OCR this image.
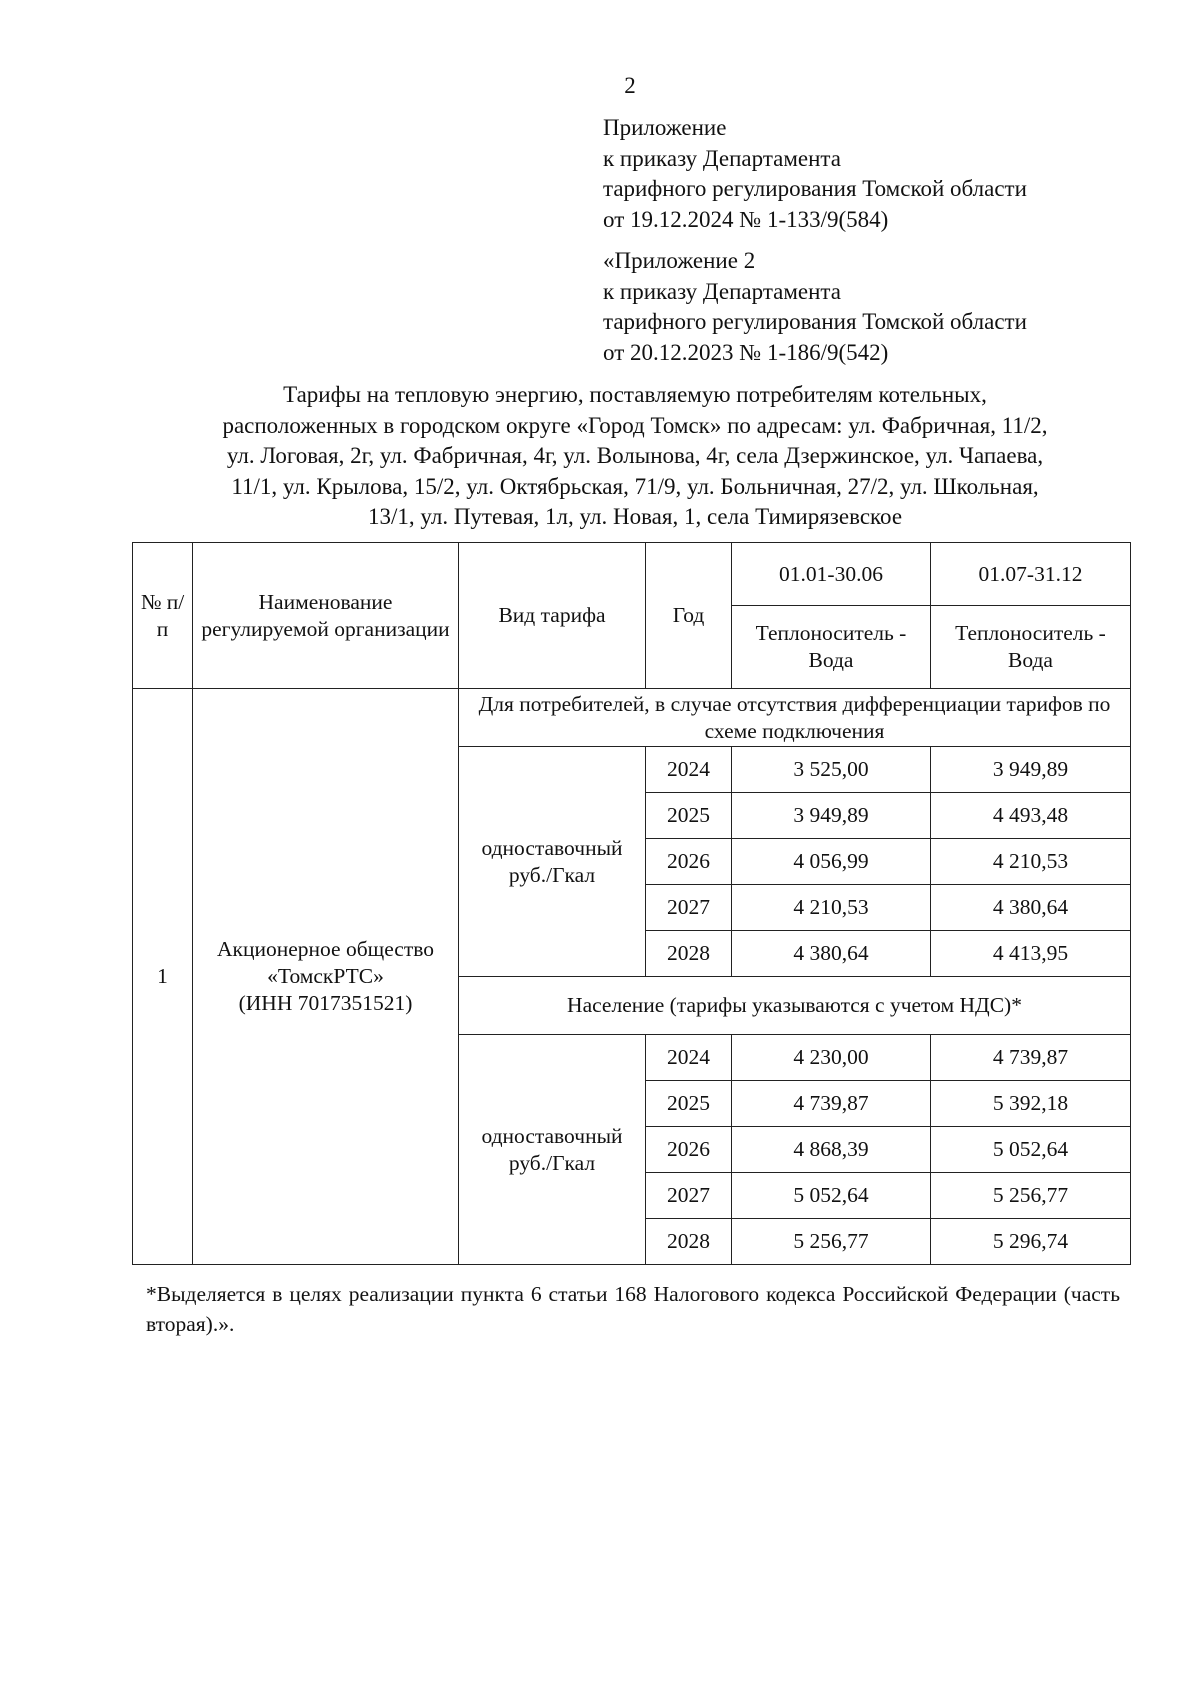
2
Приложение
к приказу Департамента
тарифного регулирования Томской области
от 19.12.2024 № 1-133/9(584)
«Приложение 2
к приказу Департамента
тарифного регулирования Томской области
от 20.12.2023 № 1-186/9(542)
Тарифы на тепловую энергию, поставляемую потребителям котельных,
расположенных в городском округе «Город Томск» по адресам: ул. Фабричная, 11/2,
ул. Логовая, 2г, ул. Фабричная, 4г, ул. Волынова, 4г, села Дзержинское, ул. Чапаева,
11/1, ул. Крылова, 15/2, ул. Октябрьская, 71/9, ул. Больничная, 27/2, ул. Школьная,
13/1, ул. Путевая, 1л, ул. Новая, 1, села Тимирязевское
№ п/п	Наименование регулируемой организации	Вид тарифа	Год	01.01-30.06	01.07-31.12
				Теплоноситель - Вода	Теплоноситель - Вода
1	Акционерное общество
«ТомскРТС»
(ИНН 7017351521)	Для потребителей, в случае отсутствия дифференциации тарифов по схеме подключения			
		одноставочный руб./Гкал	2024	3 525,00	3 949,89
			2025	3 949,89	4 493,48
			2026	4 056,99	4 210,53
			2027	4 210,53	4 380,64
			2028	4 380,64	4 413,95
		Население (тарифы указываются с учетом НДС)*			
		одноставочный руб./Гкал	2024	4 230,00	4 739,87
			2025	4 739,87	5 392,18
			2026	4 868,39	5 052,64
			2027	5 052,64	5 256,77
			2028	5 256,77	5 296,74
*Выделяется в целях реализации пункта 6 статьи 168 Налогового кодекса Российской Федерации (часть вторая).».
